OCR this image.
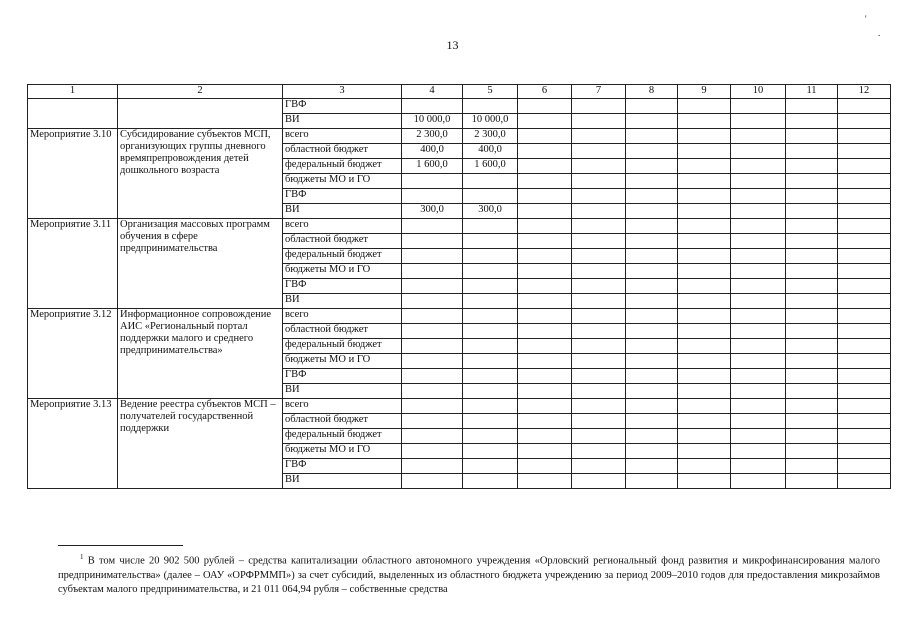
13
'
.
1	2	3	4	5	6	7	8	9	10	11	12
		ГВФ									
		ВИ	10 000,0	10 000,0							
Мероприятие 3.10	Субсидирование субъектов МСП, организующих группы дневного времяпрепровождения детей дошкольного возраста	всего	2 300,0	2 300,0							
		областной бюджет	400,0	400,0							
		федеральный бюджет	1 600,0	1 600,0							
		бюджеты МО и ГО									
		ГВФ									
		ВИ	300,0	300,0							
Мероприятие 3.11	Организация массовых программ обучения в сфере предпринимательства	всего									
		областной бюджет									
		федеральный бюджет									
		бюджеты МО и ГО									
		ГВФ									
		ВИ									
Мероприятие 3.12	Информационное сопровождение АИС «Региональный портал поддержки малого и среднего предпринимательства»	всего									
		областной бюджет									
		федеральный бюджет									
		бюджеты МО и ГО									
		ГВФ									
		ВИ									
Мероприятие 3.13	Ведение реестра субъектов МСП – получателей государственной поддержки	всего									
		областной бюджет									
		федеральный бюджет									
		бюджеты МО и ГО									
		ГВФ									
		ВИ									
$^1$ В том числе 20 902 500 рублей – средства капитализации областного автономного учреждения «Орловский региональный фонд развития и микрофинансирования малого предпринимательства» (далее – ОАУ «ОРФРММП») за счет субсидий, выделенных из областного бюджета учреждению за период 2009–2010 годов для предоставления микрозаймов субъектам малого предпринимательства, и 21 011 064,94 рубля – собственные средства
